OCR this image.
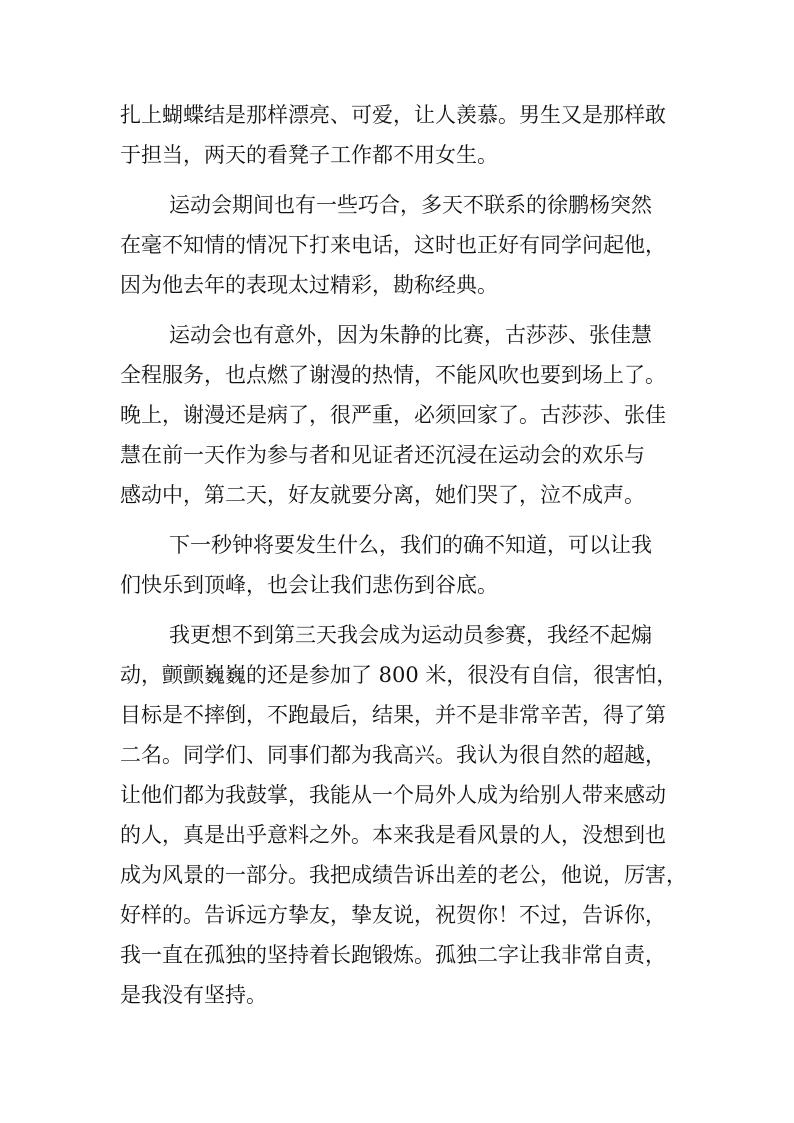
扎上蝴蝶结是那样漂亮、可爱，让人羡慕。男生又是那样敢
于担当，两天的看凳子工作都不用女生。
运动会期间也有一些巧合，多天不联系的徐鹏杨突然
在毫不知情的情况下打来电话，这时也正好有同学问起他，
因为他去年的表现太过精彩，勘称经典。
运动会也有意外，因为朱静的比赛，古莎莎、张佳慧
全程服务，也点燃了谢漫的热情，不能风吹也要到场上了。
晚上，谢漫还是病了，很严重，必须回家了。古莎莎、张佳
慧在前一天作为参与者和见证者还沉浸在运动会的欢乐与
感动中，第二天，好友就要分离，她们哭了，泣不成声。
下一秒钟将要发生什么，我们的确不知道，可以让我
们快乐到顶峰，也会让我们悲伤到谷底。
我更想不到第三天我会成为运动员参赛，我经不起煽
动，颤颤巍巍的还是参加了 800 米，很没有自信，很害怕，
目标是不摔倒，不跑最后，结果，并不是非常辛苦，得了第
二名。同学们、同事们都为我高兴。我认为很自然的超越，
让他们都为我鼓掌，我能从一个局外人成为给别人带来感动
的人，真是出乎意料之外。本来我是看风景的人，没想到也
成为风景的一部分。我把成绩告诉出差的老公，他说，厉害，
好样的。告诉远方挚友，挚友说，祝贺你！不过，告诉你，
我一直在孤独的坚持着长跑锻炼。孤独二字让我非常自责，
是我没有坚持。
